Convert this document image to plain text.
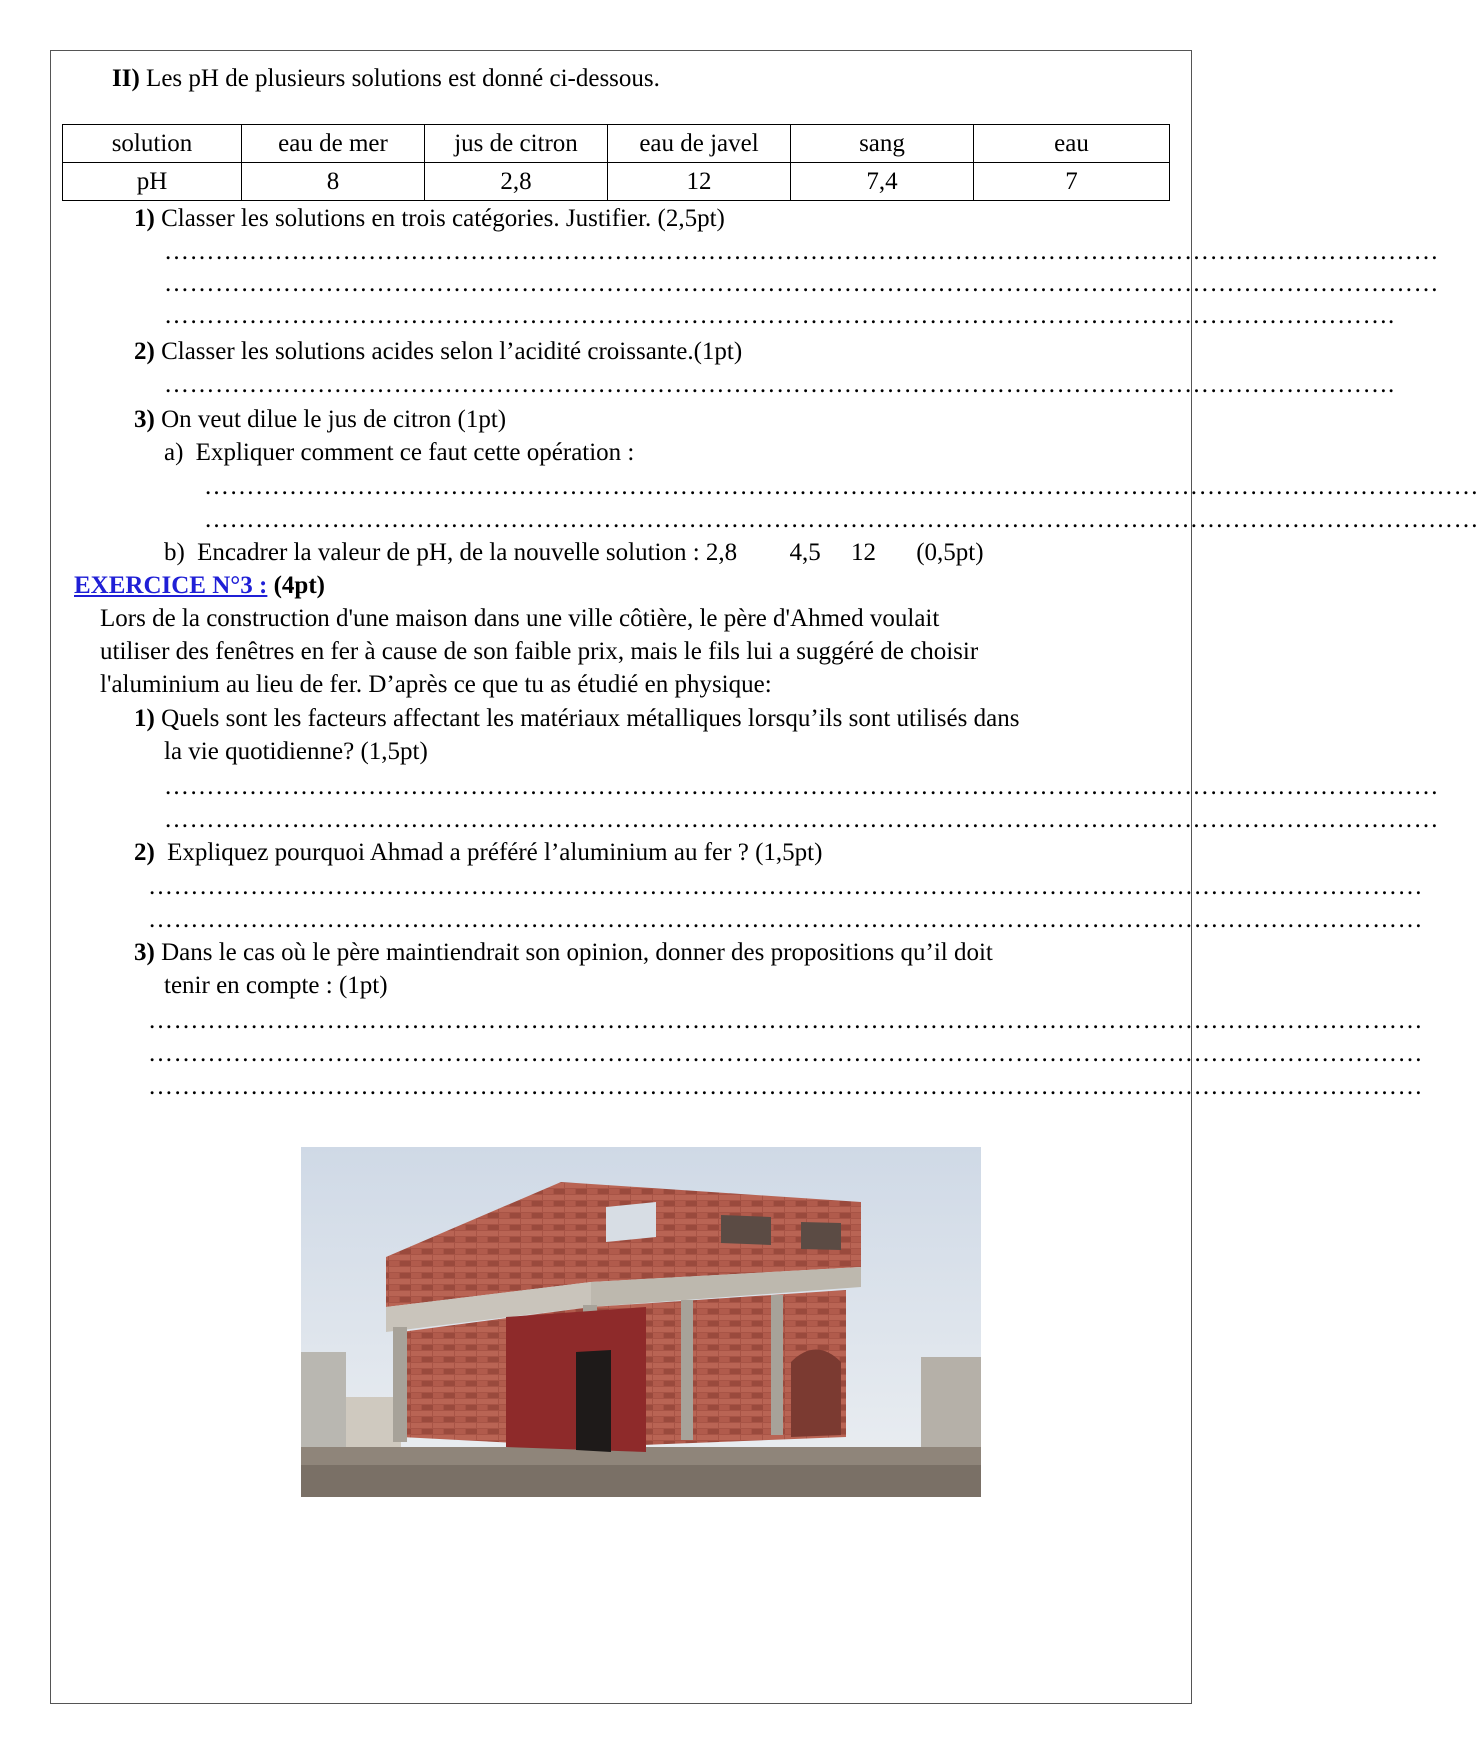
II) Les pH de plusieurs solutions est donné ci-dessous.
solution	eau de mer	jus de citron	eau de javel	sang	eau
pH	8	2,8	12	7,4	7
1) Classer les solutions en trois catégories. Justifier. (2,5pt)
……………………………………………………………………………………………………………………………………
……………………………………………………………………………………………………………………………………
……………………………………………………………………………………………………………………………….
2) Classer les solutions acides selon l’acidité croissante.(1pt)
……………………………………………………………………………………………………………………………….
3) On veut dilue le jus de citron (1pt)
a) Expliquer comment ce faut cette opération :
……………………………………………………………………………………………………………………………………
……………………………………………………………………………………………………………………………………
b) Encadrer la valeur de pH, de la nouvelle solution : 2,8 4,5 12 (0,5pt)
EXERCICE N°3 : (4pt)
Lors de la construction d'une maison dans une ville côtière, le père d'Ahmed voulait
utiliser des fenêtres en fer à cause de son faible prix, mais le fils lui a suggéré de choisir
l'aluminium au lieu de fer. D’après ce que tu as étudié en physique:
1) Quels sont les facteurs affectant les matériaux métalliques lorsqu’ils sont utilisés dans
la vie quotidienne? (1,5pt)
……………………………………………………………………………………………………………………………………
……………………………………………………………………………………………………………………………………
2) Expliquez pourquoi Ahmad a préféré l’aluminium au fer ? (1,5pt)
……………………………………………………………………………………………………………………………………
……………………………………………………………………………………………………………………………………
3) Dans le cas où le père maintiendrait son opinion, donner des propositions qu’il doit
tenir en compte : (1pt)
……………………………………………………………………………………………………………………………………
……………………………………………………………………………………………………………………………………
……………………………………………………………………………………………………………………………………
